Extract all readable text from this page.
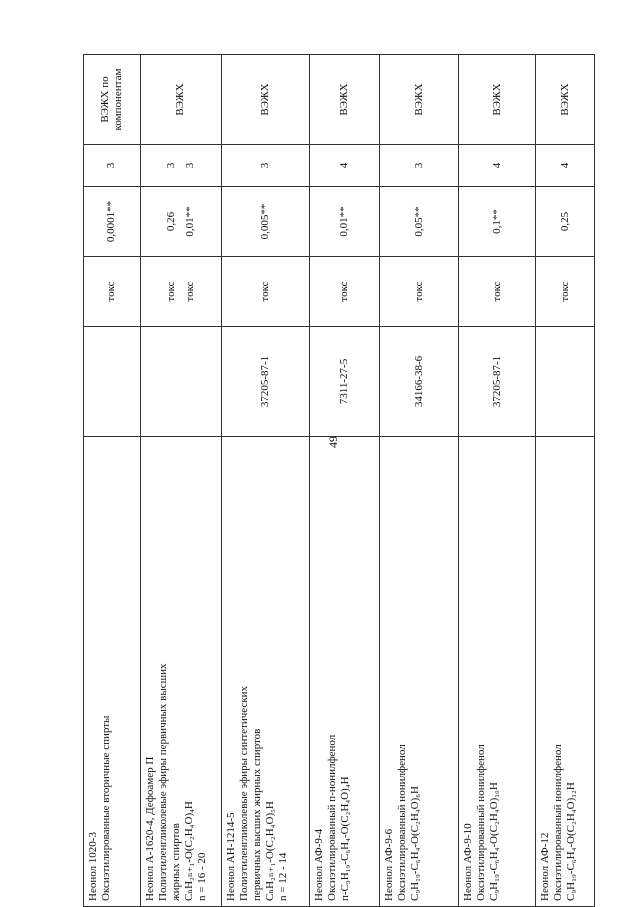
49
Неонол 1020-3 Оксиэтилированные вторичные спирты		токс	0,0001**	3	ВЭЖХ по компонентам

Неонол А-1620-4, Дефоамер П Полиэтиленгликолевые эфиры первичных высших жирных спиртов CₙH₂ₙ₊₁-O(C₂H₄O)₄H n = 16 - 20		токс токс	0,26 0,01**	3 3	ВЭЖХ

Неонол АН-1214-5 Полиэтиленгликолевые эфиры синтетических первичных высших жирных спиртов CₙH₂ₙ₊₁-O(C₂H₄O)₅H n = 12 - 14	37205-87-1	токс	0,005**	3	ВЭЖХ

Неонол АФ-9-4 Оксиэтилированный п-нонилфенол п-C₉H₁₉-C₆H₄-O(C₂H₄O)₄H	7311-27-5	токс	0,01**	4	ВЭЖХ

Неонол АФ-9-6 Оксиэтилированный нонилфенол C₉H₁₉-C₆H₄-O(C₂H₄O)₆H	34166-38-6	токс	0,05**	3	ВЭЖХ

Неонол АФ-9-10 Оксиэтилированный нонилфенол C₉H₁₉-C₆H₄-O(C₂H₄O)₁₀H	37205-87-1	токс	0,1**	4	ВЭЖХ

Неонол АФ-12 Оксиэтилированный нонилфенол C₉H₁₉-C₆H₄-O(C₂H₄O)₁₂H		токс	0,25	4	ВЭЖХ
